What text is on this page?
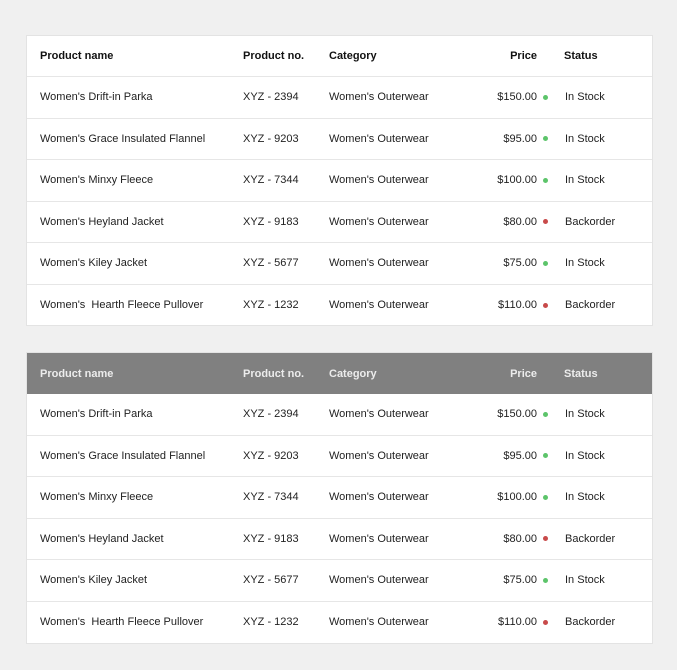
Product name	Product no.	Category	Price	Status
Women's Drift-in Parka	XYZ - 2394	Women's Outerwear	$150.00	In Stock
Women's Grace Insulated Flannel	XYZ - 9203	Women's Outerwear	$95.00	In Stock
Women's Minxy Fleece	XYZ - 7344	Women's Outerwear	$100.00	In Stock
Women's Heyland Jacket	XYZ - 9183	Women's Outerwear	$80.00	Backorder
Women's Kiley Jacket	XYZ - 5677	Women's Outerwear	$75.00	In Stock
Women's  Hearth Fleece Pullover	XYZ - 1232	Women's Outerwear	$110.00	Backorder
Product name	Product no.	Category	Price	Status
Women's Drift-in Parka	XYZ - 2394	Women's Outerwear	$150.00	In Stock
Women's Grace Insulated Flannel	XYZ - 9203	Women's Outerwear	$95.00	In Stock
Women's Minxy Fleece	XYZ - 7344	Women's Outerwear	$100.00	In Stock
Women's Heyland Jacket	XYZ - 9183	Women's Outerwear	$80.00	Backorder
Women's Kiley Jacket	XYZ - 5677	Women's Outerwear	$75.00	In Stock
Women's  Hearth Fleece Pullover	XYZ - 1232	Women's Outerwear	$110.00	Backorder
